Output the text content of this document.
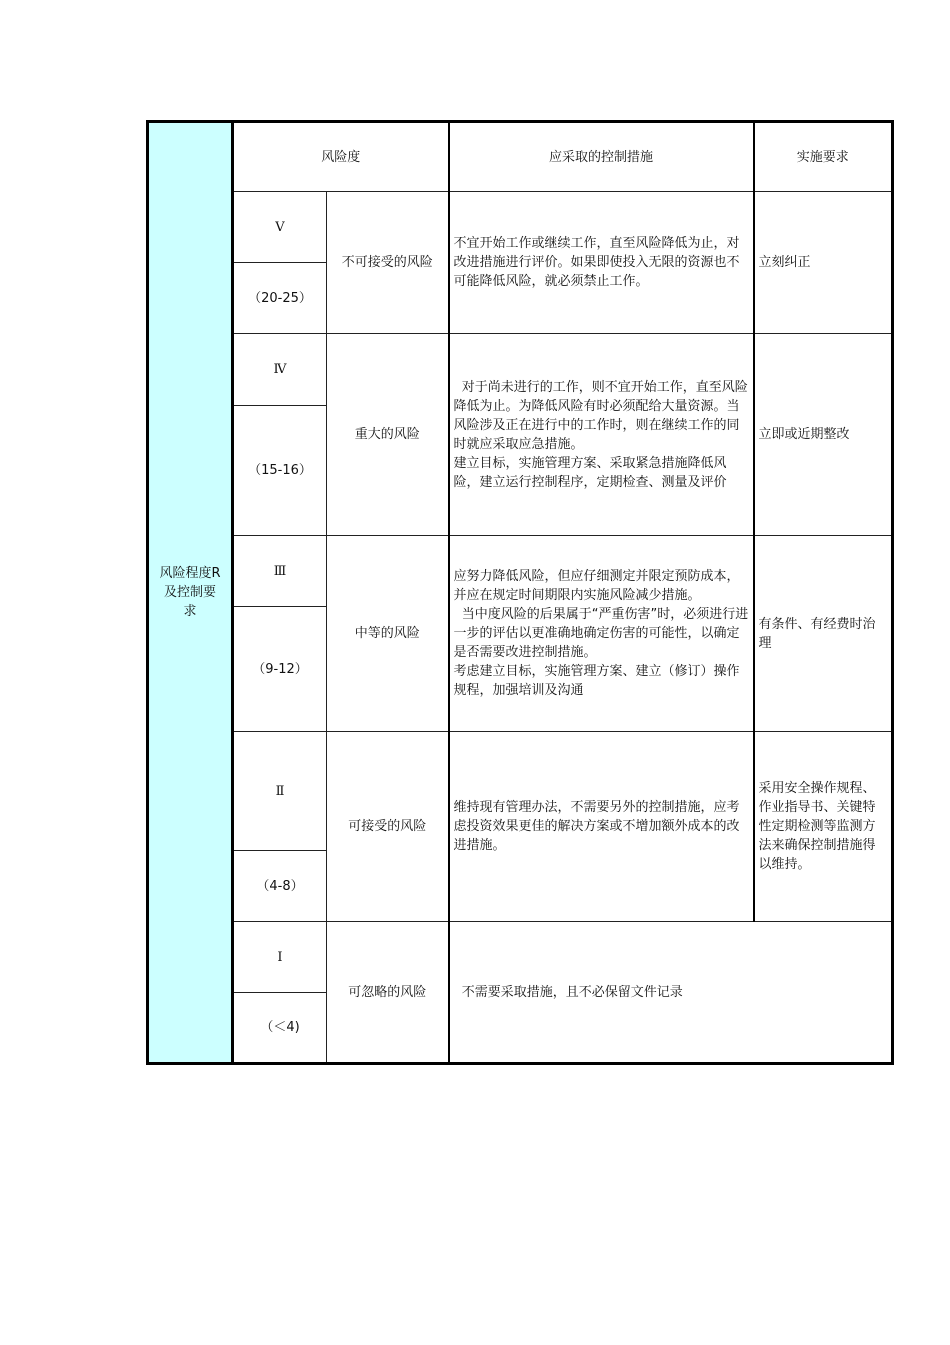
风险程度R及控制要求	风险度		应采取的控制措施	实施要求
	Ⅴ	不可接受的风险	不宜开始工作或继续工作，直至风险降低为止，对改进措施进行评价。如果即使投入无限的资源也不可能降低风险，就必须禁止工作。	立刻纠正
	（20-25）			
	Ⅳ	重大的风险	对于尚未进行的工作，则不宜开始工作，直至风险降低为止。为降低风险有时必须配给大量资源。当风险涉及正在进行中的工作时，则在继续工作的同时就应采取应急措施。
建立目标，实施管理方案、采取紧急措施降低风险，建立运行控制程序，定期检查、测量及评价	立即或近期整改
	（15-16）			
	Ⅲ	中等的风险	应努力降低风险，但应仔细测定并限定预防成本，并应在规定时间期限内实施风险减少措施。
当中度风险的后果属于“严重伤害”时，必须进行进一步的评估以更准确地确定伤害的可能性，以确定是否需要改进控制措施。
考虑建立目标，实施管理方案、建立（修订）操作规程，加强培训及沟通	有条件、有经费时治理
	（9-12）			
	Ⅱ	可接受的风险	维持现有管理办法，不需要另外的控制措施，应考虑投资效果更佳的解决方案或不增加额外成本的改进措施。	采用安全操作规程、作业指导书、关键特性定期检测等监测方法来确保控制措施得以维持。
	（4-8）			
	Ⅰ	可忽略的风险	不需要采取措施，且不必保留文件记录	
	（＜4)			
